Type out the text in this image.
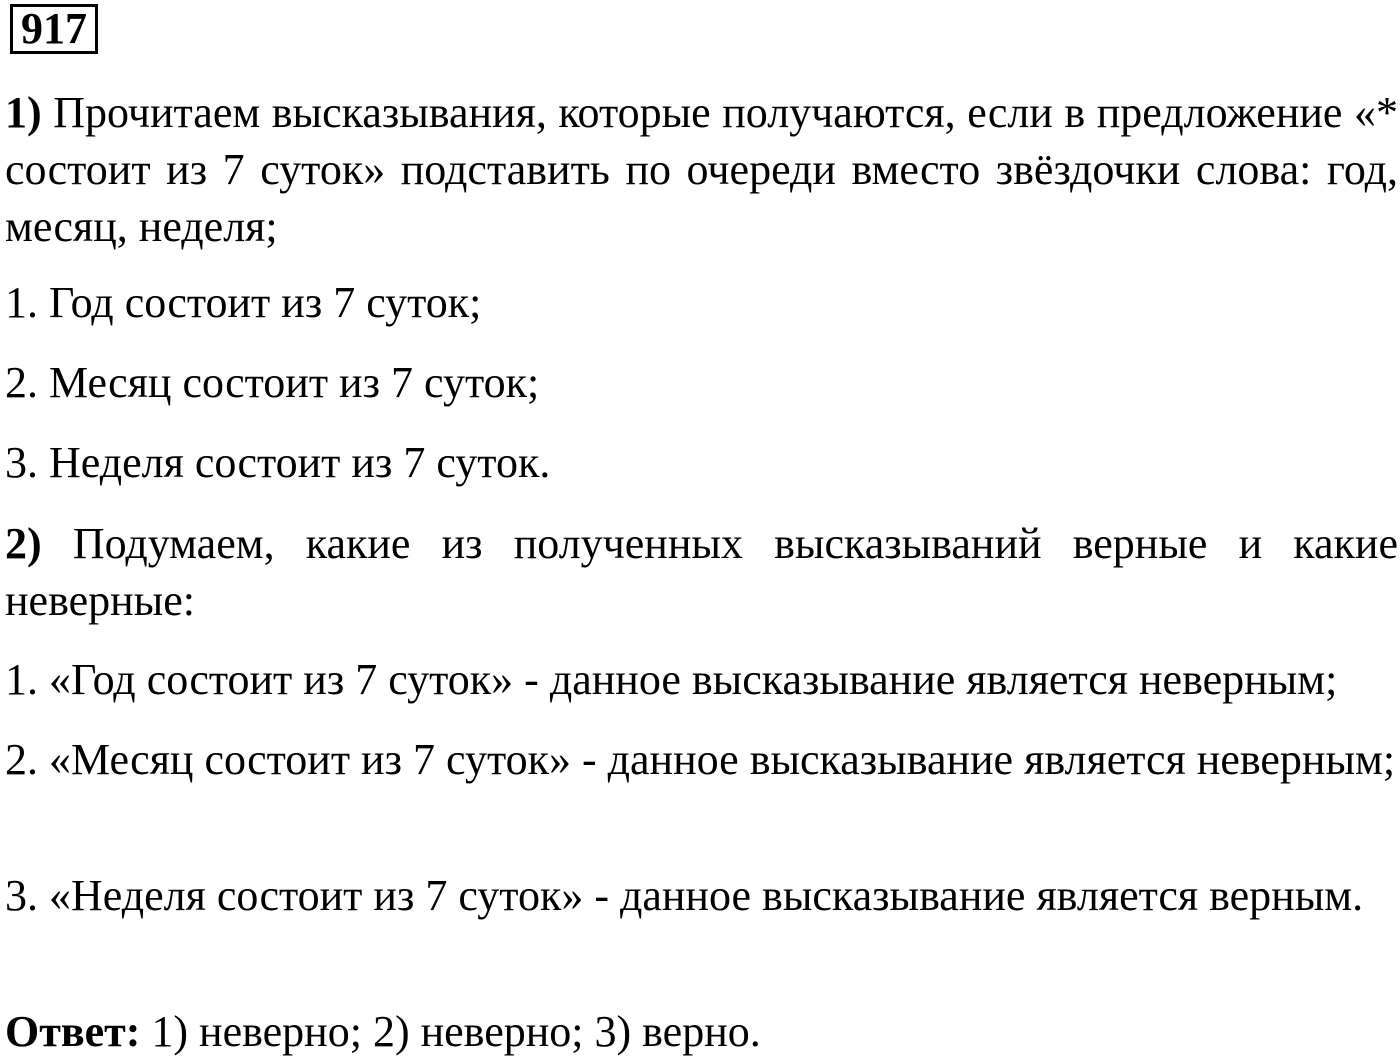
917

1) Прочитаем высказывания, которые получаются, если в предложение «* состоит из 7 суток» подставить по очереди вместо звёздочки слова: год, месяц, неделя;

1. Год состоит из 7 суток;

2. Месяц состоит из 7 суток;

3. Неделя состоит из 7 суток.

2) Подумаем, какие из полученных высказываний верные и какие неверные:

1. «Год состоит из 7 суток» - данное высказывание является неверным;

2. «Месяц состоит из 7 суток» - данное высказывание является неверным;

3. «Неделя состоит из 7 суток» - данное высказывание является верным.

Ответ: 1) неверно; 2) неверно; 3) верно.
